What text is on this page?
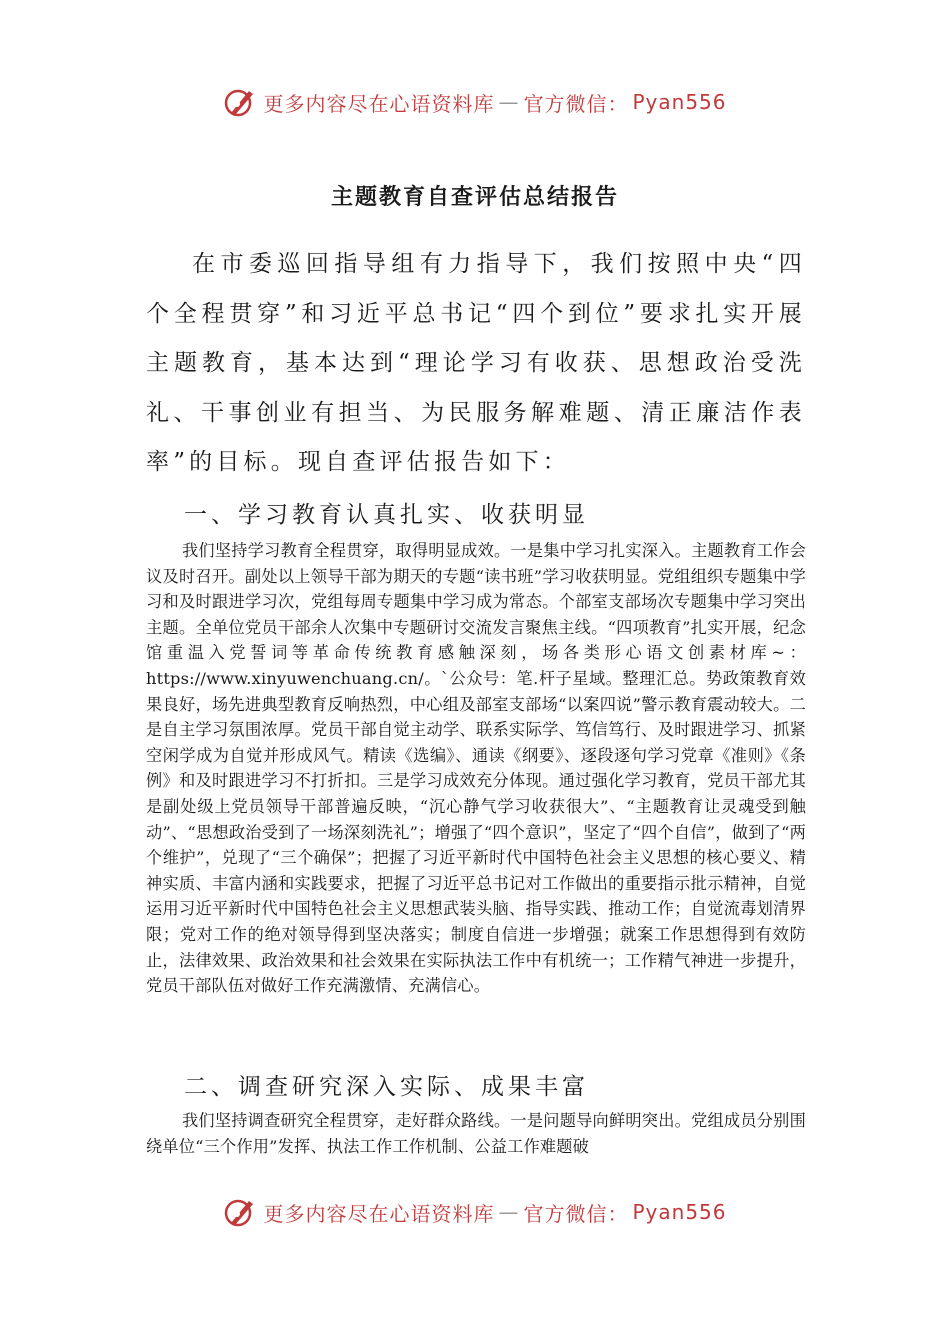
更多内容尽在心语资料库 — 官方微信： Pyan556
主题教育自查评估总结报告

在市委巡回指导组有力指导下，我们按照中央“四个全程贯穿”和习近平总书记“四个到位”要求扎实开展主题教育，基本达到“理论学习有收获、思想政治受洗礼、干事创业有担当、为民服务解难题、清正廉洁作表率”的目标。现自查评估报告如下：

一、学习教育认真扎实、收获明显

我们坚持学习教育全程贯穿，取得明显成效。一是集中学习扎实深入。主题教育工作会议及时召开。副处以上领导干部为期天的专题“读书班”学习收获明显。党组组织专题集中学习和及时跟进学习次，党组每周专题集中学习成为常态。个部室支部场次专题集中学习突出主题。全单位党员干部余人次集中专题研讨交流发言聚焦主线。“四项教育”扎实开展，纪念馆重温入党誓词等革命传统教育感触深刻，场各类形心语文创素材库~：https://www.xinyuwenchuang.cn/。`公众号：笔.杆子星域。整理汇总。势政策教育效果良好，场先进典型教育反响热烈，中心组及部室支部场“以案四说”警示教育震动较大。二是自主学习氛围浓厚。党员干部自觉主动学、联系实际学、笃信笃行、及时跟进学习、抓紧空闲学成为自觉并形成风气。精读《选编》、通读《纲要》、逐段逐句学习党章《准则》《条例》和及时跟进学习不打折扣。三是学习成效充分体现。通过强化学习教育，党员干部尤其是副处级上党员领导干部普遍反映，“沉心静气学习收获很大”、“主题教育让灵魂受到触动”、“思想政治受到了一场深刻洗礼”；增强了“四个意识”，坚定了“四个自信”，做到了“两个维护”，兑现了“三个确保”；把握了习近平新时代中国特色社会主义思想的核心要义、精神实质、丰富内涵和实践要求，把握了习近平总书记对工作做出的重要指示批示精神，自觉运用习近平新时代中国特色社会主义思想武装头脑、指导实践、推动工作；自觉流毒划清界限；党对工作的绝对领导得到坚决落实；制度自信进一步增强；就案工作思想得到有效防止，法律效果、政治效果和社会效果在实际执法工作中有机统一；工作精气神进一步提升，党员干部队伍对做好工作充满激情、充满信心。

二、调查研究深入实际、成果丰富

我们坚持调查研究全程贯穿，走好群众路线。一是问题导向鲜明突出。党组成员分别围绕单位“三个作用”发挥、执法工作工作机制、公益工作难题破

更多内容尽在心语资料库 — 官方微信： Pyan556
